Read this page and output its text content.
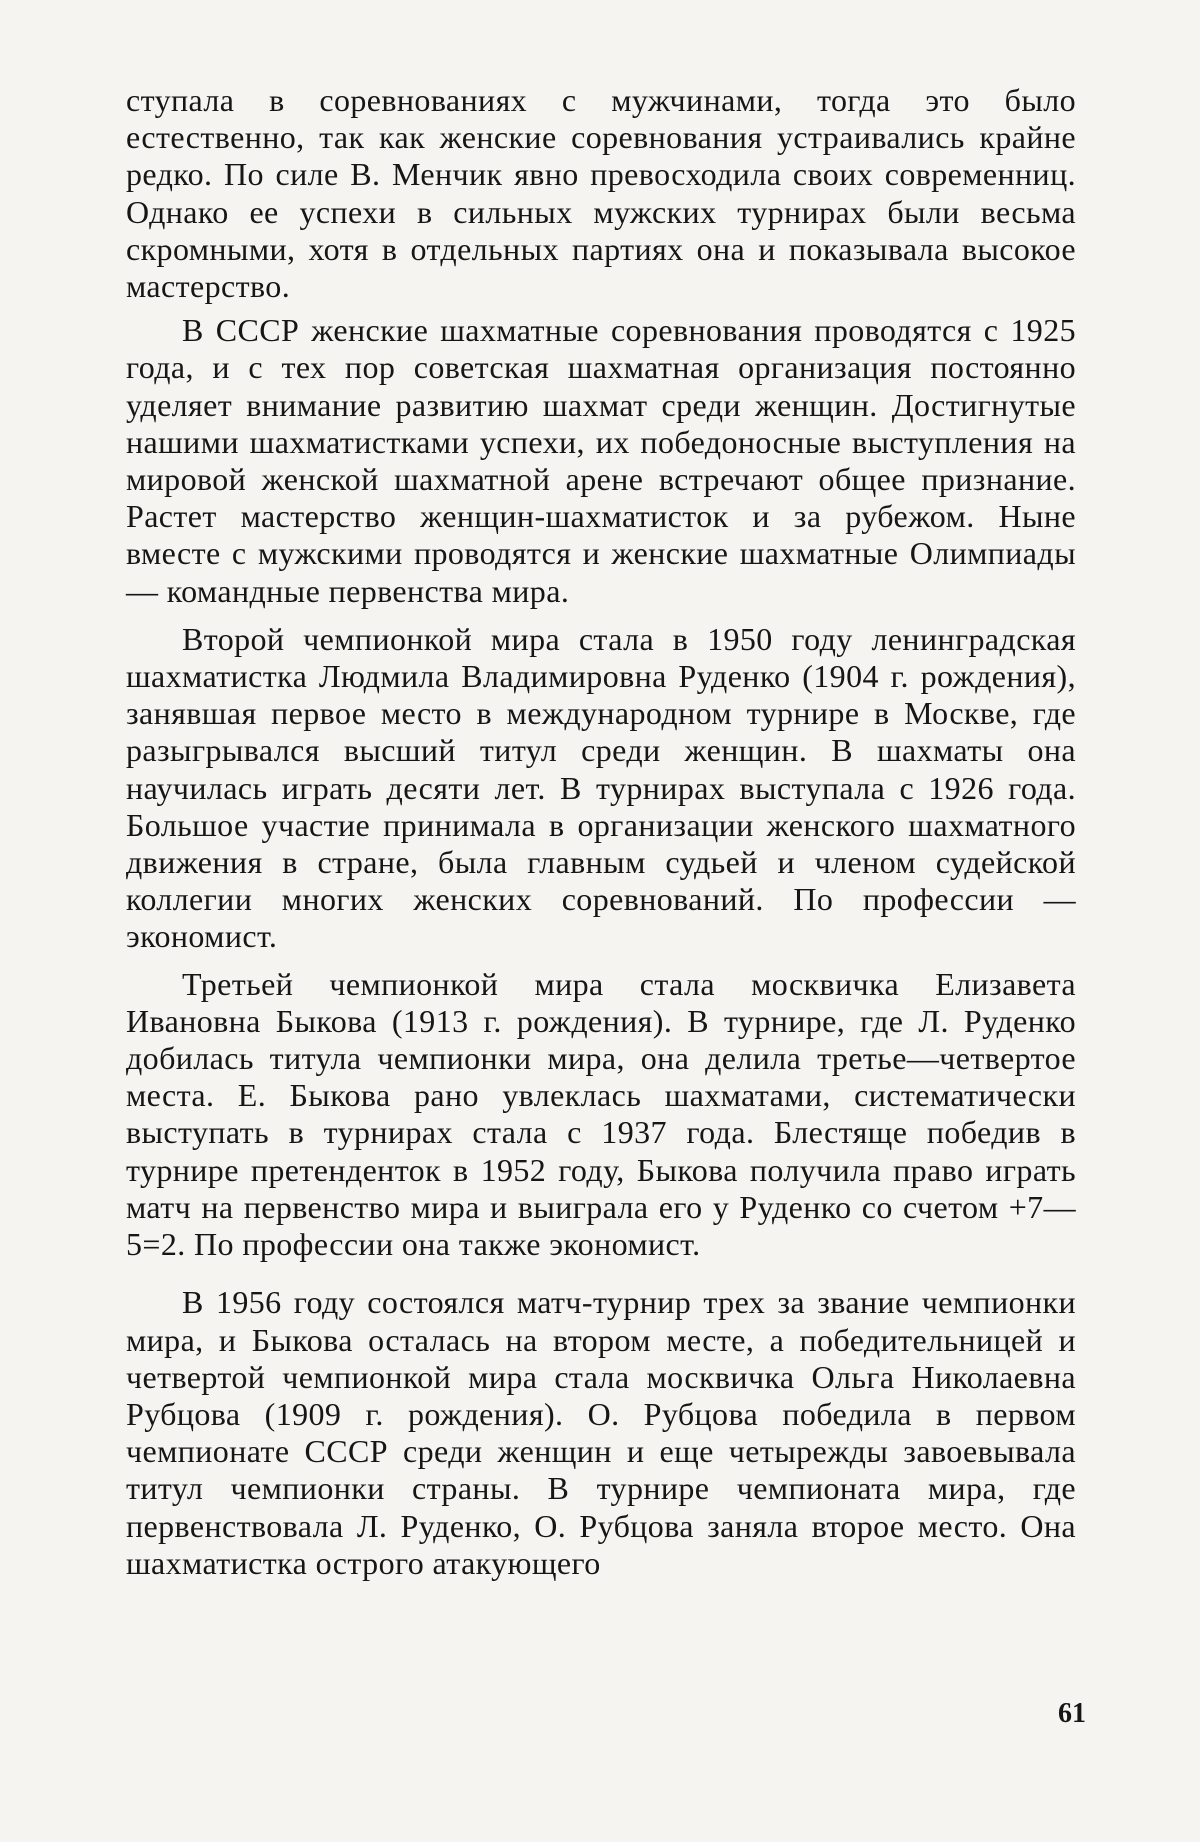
ступала в соревнованиях с мужчинами, тогда это было естественно, так как женские соревнования устраивались крайне редко. По силе В. Менчик явно превосходила своих современниц. Однако ее успехи в сильных мужских турнирах были весьма скромными, хотя в отдельных партиях она и показывала высокое мастерство.

В СССР женские шахматные соревнования проводятся с 1925 года, и с тех пор советская шахматная организация постоянно уделяет внимание развитию шахмат среди женщин. Достигнутые нашими шахматистками успехи, их победоносные выступления на мировой женской шахматной арене встречают общее признание. Растет мастерство женщин-шахматисток и за рубежом. Ныне вместе с мужскими проводятся и женские шахматные Олимпиады — командные первенства мира.

Второй чемпионкой мира стала в 1950 году ленинградская шахматистка Людмила Владимировна Руденко (1904 г. рождения), занявшая первое место в международном турнире в Москве, где разыгрывался высший титул среди женщин. В шахматы она научилась играть десяти лет. В турнирах выступала с 1926 года. Большое участие принимала в организации женского шахматного движения в стране, была главным судьей и членом судейской коллегии многих женских соревнований. По профессии — экономист.

Третьей чемпионкой мира стала москвичка Елизавета Ивановна Быкова (1913 г. рождения). В турнире, где Л. Руденко добилась титула чемпионки мира, она делила третье—четвертое места. Е. Быкова рано увлеклась шахматами, систематически выступать в турнирах стала с 1937 года. Блестяще победив в турнире претенденток в 1952 году, Быкова получила право играть матч на первенство мира и выиграла его у Руденко со счетом +7—5=2. По профессии она также экономист.

В 1956 году состоялся матч-турнир трех за звание чемпионки мира, и Быкова осталась на втором месте, а победительницей и четвертой чемпионкой мира стала москвичка Ольга Николаевна Рубцова (1909 г. рождения). О. Рубцова победила в первом чемпионате СССР среди женщин и еще четырежды завоевывала титул чемпионки страны. В турнире чемпионата мира, где первенствовала Л. Руденко, О. Рубцова заняла второе место. Она шахматистка острого атакующего

61
